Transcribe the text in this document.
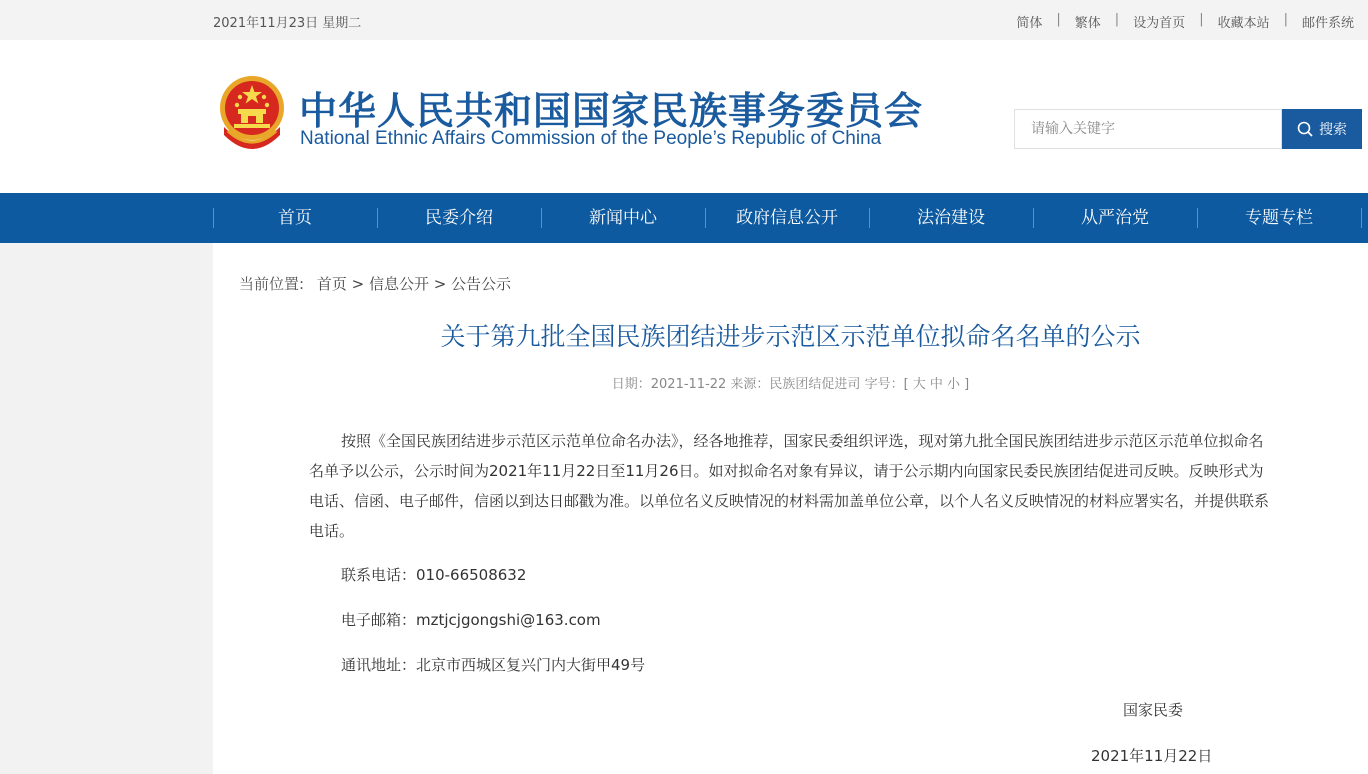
2021年11月23日 星期二	简体	|	繁体	|	设为首页	|	收藏本站	|	邮件系统
中华人民共和国国家民族事务委员会
National Ethnic Affairs Commission of the People’s Republic of China
请输入关键字	搜索
首页	民委介绍	新闻中心	政府信息公开	法治建设	从严治党	专题专栏
当前位置: 首页 > 信息公开 > 公告公示
关于第九批全国民族团结进步示范区示范单位拟命名名单的公示
日期：2021-11-22 来源：民族团结促进司 字号：[ 大 中 小 ]

按照《全国民族团结进步示范区示范单位命名办法》，经各地推荐，国家民委组织评选，现对第九批全国民族团结进步示范区示范单位拟命名名单予以公示，公示时间为2021年11月22日至11月26日。如对拟命名对象有异议，请于公示期内向国家民委民族团结促进司反映。反映形式为电话、信函、电子邮件，信函以到达日邮戳为准。以单位名义反映情况的材料需加盖单位公章，以个人名义反映情况的材料应署实名，并提供联系电话。

联系电话：010-66508632
电子邮箱：mztjcjgongshi@163.com
通讯地址：北京市西城区复兴门内大街甲49号
国家民委
2021年11月22日
